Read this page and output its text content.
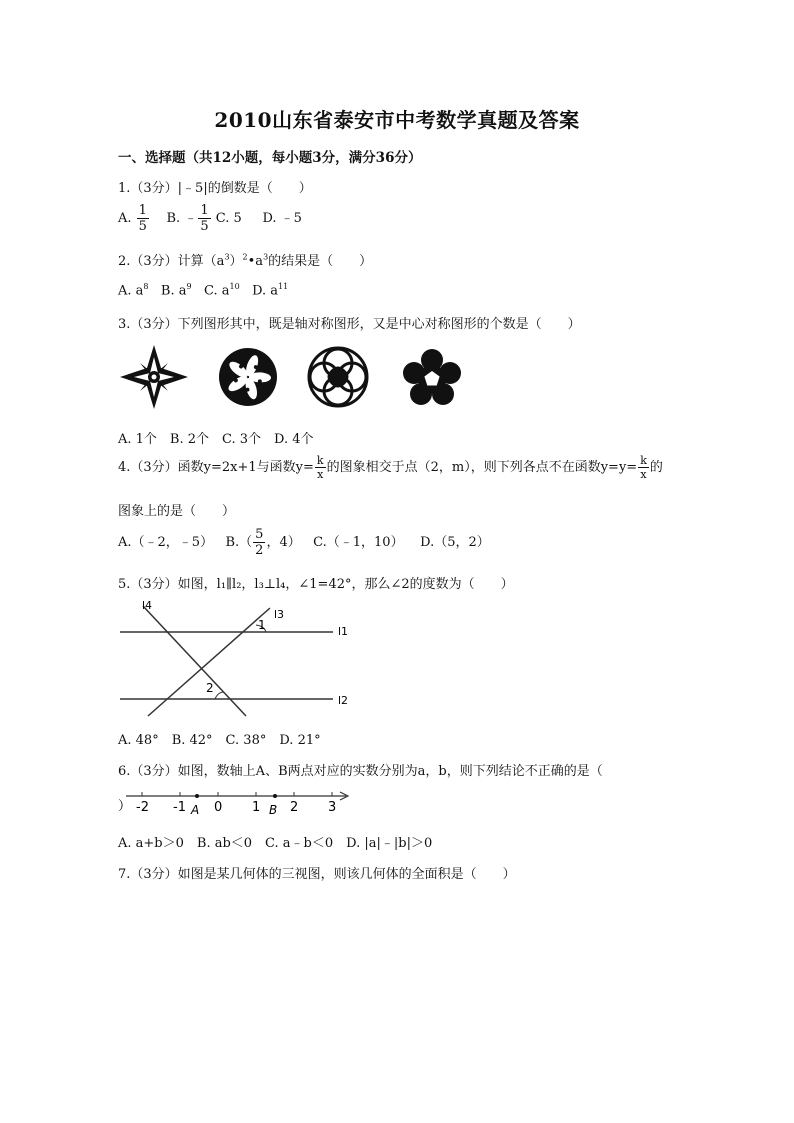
2010山东省泰安市中考数学真题及答案
一、选择题（共12小题，每小题3分，满分36分）
1.（3分）|﹣5|的倒数是（　　）
A. $\frac{1}{5} B$. ﹣ $\frac{1}{5} C$. 5 D. ﹣5
2.（3分）计算$(a^3)^2•a^3$的结果是（　　）
A. $a^8$ B. $a^9$ C. $a^{10}$ D. $a^{11}$
3.（3分）下列图形其中，既是轴对称图形，又是中心对称图形的个数是（　　）
A. 1个　B. 2个　C. 3个　D. 4个
4.（3分）函数y=2x+1与函数$y= \frac{k}{x}$ 的图象相交于点（2，m），则下列各点不在函数$y=y= \frac{k}{x}$ 的
图象上的是（　　）
A.（﹣2，﹣5） $B.( \frac{5}{2}$ ，4） C.（﹣1，10） D.（5，2）
5.（3分）如图，l₁∥l₂，l₃⊥l₄，∠1=42°，那么∠2的度数为（　　）
l4
l3
l1
l2
1
2
A. 48°　B. 42°　C. 38°　D. 21°
6.（3分）如图，数轴上A、B两点对应的实数分别为a，b，则下列结论不正确的是（
） -2 -1 0 1 2 3
A	B
A. a+b＞0　B. ab＜0　C. a﹣b＜0　D. |a|﹣|b|＞0
7.（3分）如图是某几何体的三视图，则该几何体的全面积是（　　）
